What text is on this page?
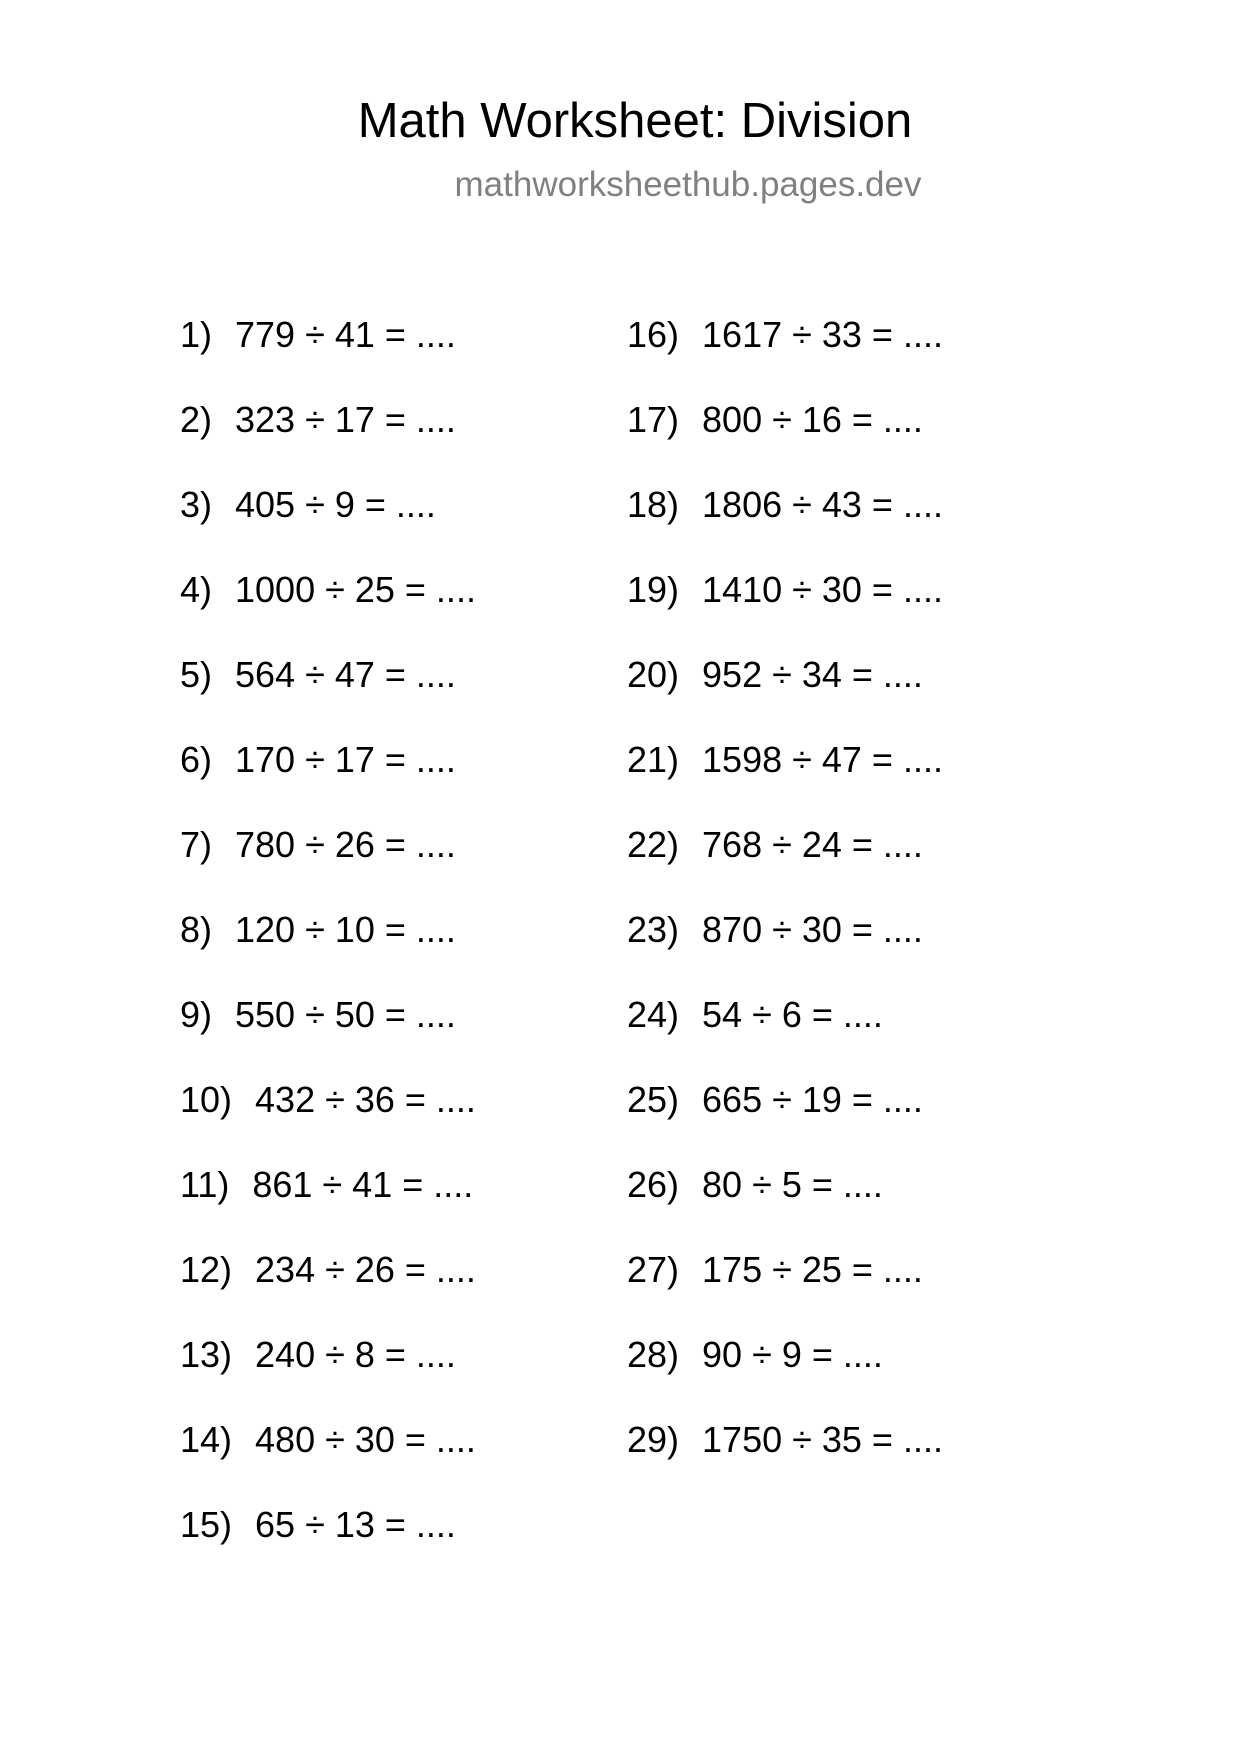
Math Worksheet: Division
mathworksheethub.pages.dev
1) 779 ÷ 41 = ....
2) 323 ÷ 17 = ....
3) 405 ÷ 9 = ....
4) 1000 ÷ 25 = ....
5) 564 ÷ 47 = ....
6) 170 ÷ 17 = ....
7) 780 ÷ 26 = ....
8) 120 ÷ 10 = ....
9) 550 ÷ 50 = ....
10) 432 ÷ 36 = ....
11) 861 ÷ 41 = ....
12) 234 ÷ 26 = ....
13) 240 ÷ 8 = ....
14) 480 ÷ 30 = ....
15) 65 ÷ 13 = ....
16) 1617 ÷ 33 = ....
17) 800 ÷ 16 = ....
18) 1806 ÷ 43 = ....
19) 1410 ÷ 30 = ....
20) 952 ÷ 34 = ....
21) 1598 ÷ 47 = ....
22) 768 ÷ 24 = ....
23) 870 ÷ 30 = ....
24) 54 ÷ 6 = ....
25) 665 ÷ 19 = ....
26) 80 ÷ 5 = ....
27) 175 ÷ 25 = ....
28) 90 ÷ 9 = ....
29) 1750 ÷ 35 = ....
